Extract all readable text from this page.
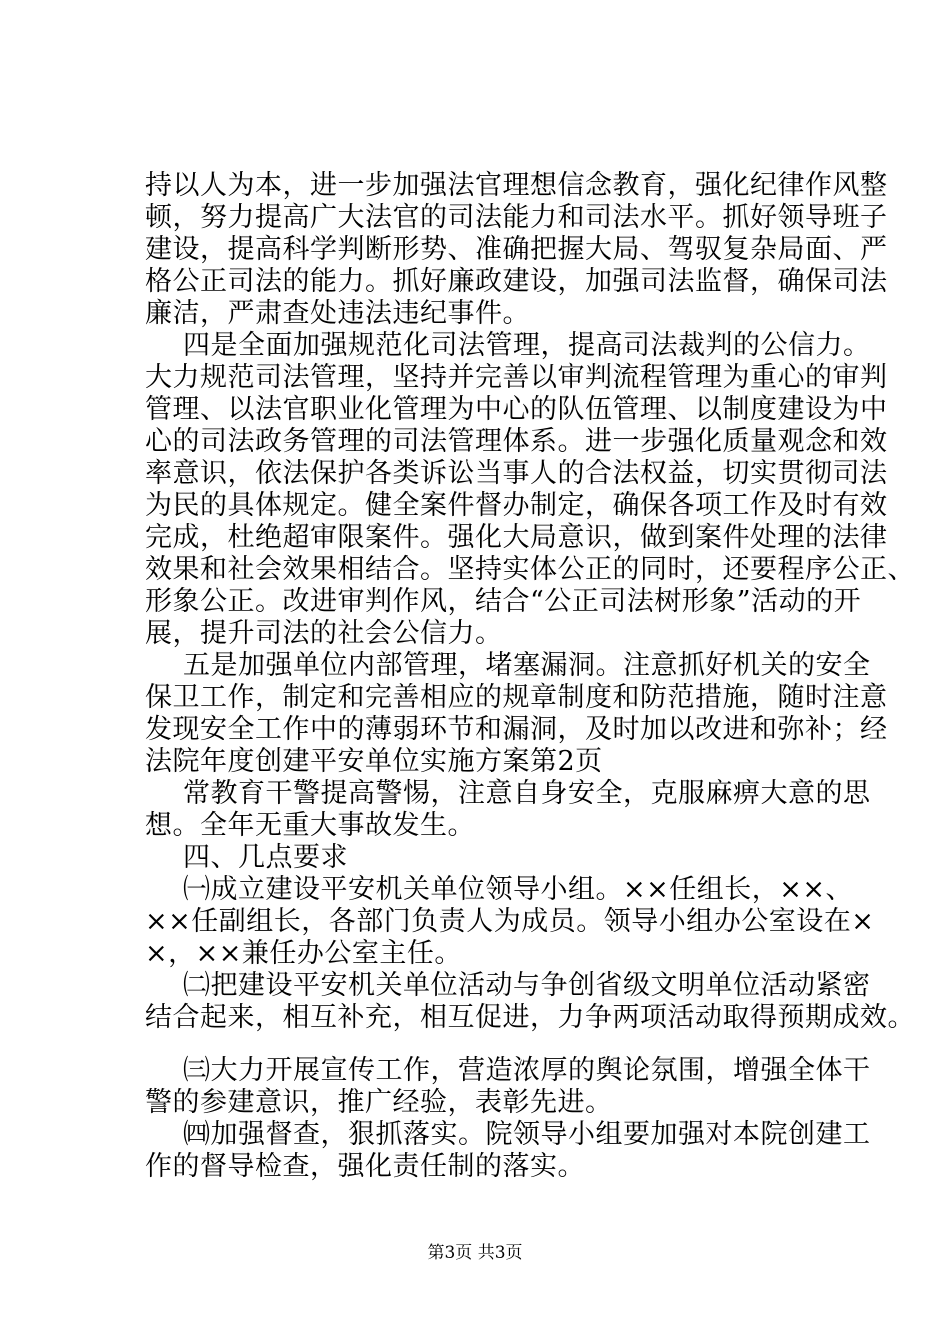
持以人为本，进一步加强法官理想信念教育，强化纪律作风整
顿，努力提高广大法官的司法能力和司法水平。抓好领导班子
建设，提高科学判断形势、准确把握大局、驾驭复杂局面、严
格公正司法的能力。抓好廉政建设，加强司法监督，确保司法
廉洁，严肃查处违法违纪事件。
四是全面加强规范化司法管理，提高司法裁判的公信力。
大力规范司法管理，坚持并完善以审判流程管理为重心的审判
管理、以法官职业化管理为中心的队伍管理、以制度建设为中
心的司法政务管理的司法管理体系。进一步强化质量观念和效
率意识，依法保护各类诉讼当事人的合法权益，切实贯彻司法
为民的具体规定。健全案件督办制定，确保各项工作及时有效
完成，杜绝超审限案件。强化大局意识，做到案件处理的法律
效果和社会效果相结合。坚持实体公正的同时，还要程序公正、
形象公正。改进审判作风，结合“公正司法树形象”活动的开
展，提升司法的社会公信力。
五是加强单位内部管理，堵塞漏洞。注意抓好机关的安全
保卫工作，制定和完善相应的规章制度和防范措施，随时注意
发现安全工作中的薄弱环节和漏洞，及时加以改进和弥补；经
法院年度创建平安单位实施方案第2页
常教育干警提高警惕，注意自身安全，克服麻痹大意的思
想。全年无重大事故发生。
四、几点要求
㈠成立建设平安机关单位领导小组。××任组长，××、
××任副组长，各部门负责人为成员。领导小组办公室设在×
×，××兼任办公室主任。
㈡把建设平安机关单位活动与争创省级文明单位活动紧密
结合起来，相互补充，相互促进，力争两项活动取得预期成效。
㈢大力开展宣传工作，营造浓厚的舆论氛围，增强全体干
警的参建意识，推广经验，表彰先进。
㈣加强督查，狠抓落实。院领导小组要加强对本院创建工
作的督导检查，强化责任制的落实。
第3页 共3页
